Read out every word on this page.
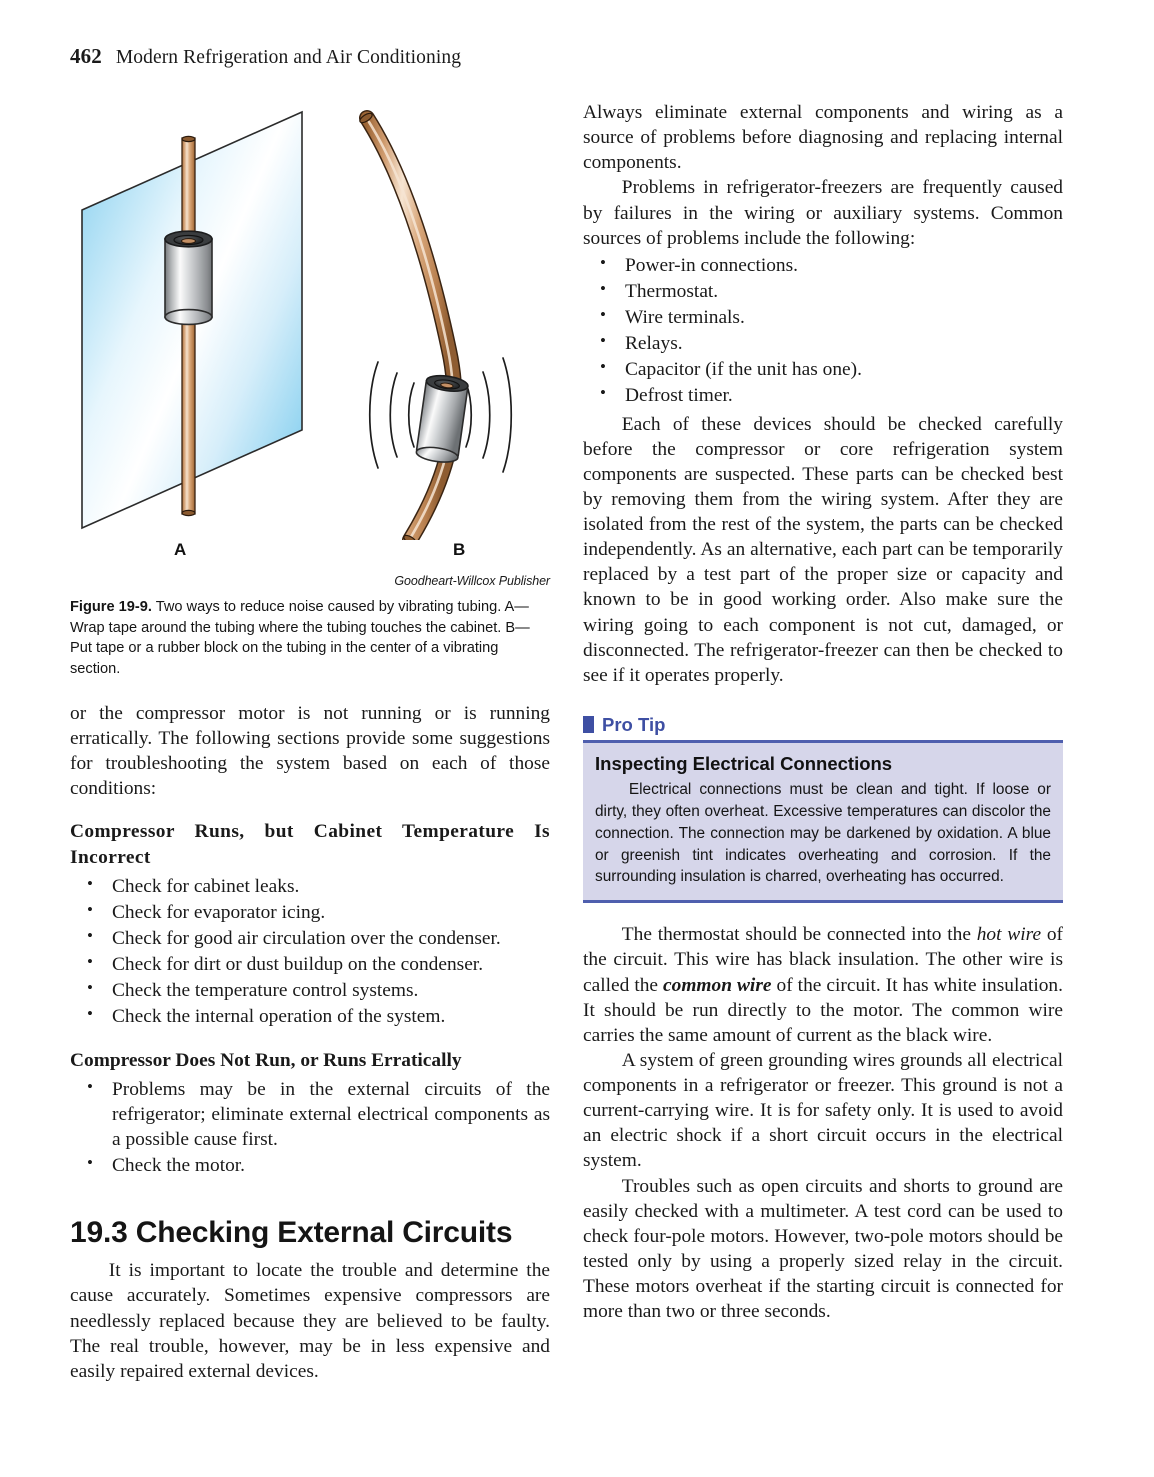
462 Modern Refrigeration and Air Conditioning
A	B
Goodheart-Willcox Publisher
Figure 19-9. Two ways to reduce noise caused by vibrating tubing. A—Wrap tape around the tubing where the tubing touches the cabinet. B—Put tape or a rubber block on the tubing in the center of a vibrating section.

or the compressor motor is not running or is running erratically. The following sections provide some suggestions for troubleshooting the system based on each of those conditions:

Compressor Runs, but Cabinet Temperature Is Incorrect
• Check for cabinet leaks.
• Check for evaporator icing.
• Check for good air circulation over the condenser.
• Check for dirt or dust buildup on the condenser.
• Check the temperature control systems.
• Check the internal operation of the system.
Compressor Does Not Run, or Runs Erratically
• Problems may be in the external circuits of the refrigerator; eliminate external electrical components as a possible cause first.
• Check the motor.
19.3 Checking External Circuits

It is important to locate the trouble and determine the cause accurately. Sometimes expensive compressors are needlessly replaced because they are believed to be faulty. The real trouble, however, may be in less expensive and easily repaired external devices.

Always eliminate external components and wiring as a source of problems before diagnosing and replacing internal components.

Problems in refrigerator-freezers are frequently caused by failures in the wiring or auxiliary systems. Common sources of problems include the following:

• Power-in connections.
• Thermostat.
• Wire terminals.
• Relays.
• Capacitor (if the unit has one).
• Defrost timer.

Each of these devices should be checked carefully before the compressor or core refrigeration system components are suspected. These parts can be checked best by removing them from the wiring system. After they are isolated from the rest of the system, the parts can be checked independently. As an alternative, each part can be temporarily replaced by a test part of the proper size or capacity and known to be in good working order. Also make sure the wiring going to each component is not cut, damaged, or disconnected. The refrigerator-freezer can then be checked to see if it operates properly.

Pro Tip
Inspecting Electrical Connections

Electrical connections must be clean and tight. If loose or dirty, they often overheat. Excessive temperatures can discolor the connection. The connection may be darkened by oxidation. A blue or greenish tint indicates overheating and corrosion. If the surrounding insulation is charred, overheating has occurred.

The thermostat should be connected into the hot wire of the circuit. This wire has black insulation. The other wire is called the common wire of the circuit. It has white insulation. It should be run directly to the motor. The common wire carries the same amount of current as the black wire.

A system of green grounding wires grounds all electrical components in a refrigerator or freezer. This ground is not a current-carrying wire. It is for safety only. It is used to avoid an electric shock if a short circuit occurs in the electrical system.

Troubles such as open circuits and shorts to ground are easily checked with a multimeter. A test cord can be used to check four-pole motors. However, two-pole motors should be tested only by using a properly sized relay in the circuit. These motors overheat if the starting circuit is connected for more than two or three seconds.
